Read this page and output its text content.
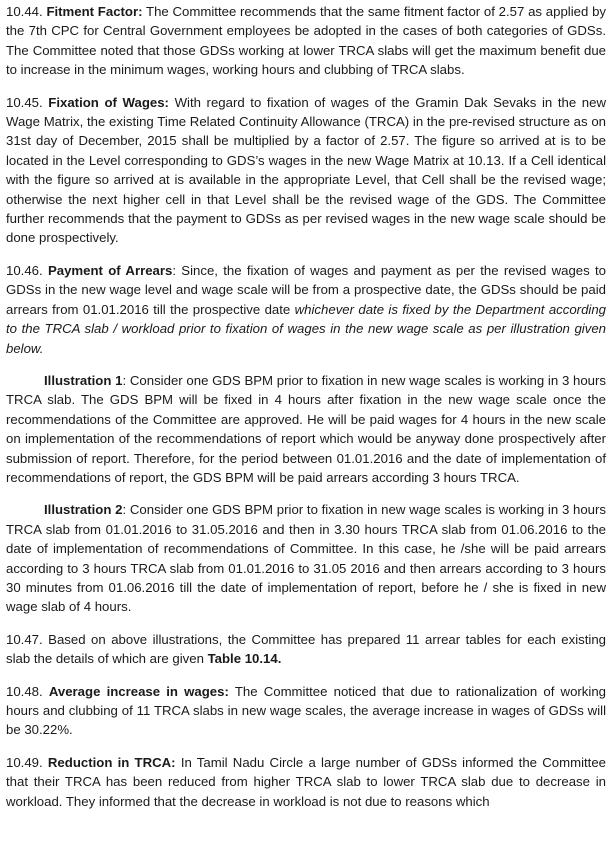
10.44. Fitment Factor: The Committee recommends that the same fitment factor of 2.57 as applied by the 7th CPC for Central Government employees be adopted in the cases of both categories of GDSs. The Committee noted that those GDSs working at lower TRCA slabs will get the maximum benefit due to increase in the minimum wages, working hours and clubbing of TRCA slabs.

10.45. Fixation of Wages: With regard to fixation of wages of the Gramin Dak Sevaks in the new Wage Matrix, the existing Time Related Continuity Allowance (TRCA) in the pre-revised structure as on 31st day of December, 2015 shall be multiplied by a factor of 2.57. The figure so arrived at is to be located in the Level corresponding to GDS’s wages in the new Wage Matrix at 10.13. If a Cell identical with the figure so arrived at is available in the appropriate Level, that Cell shall be the revised wage; otherwise the next higher cell in that Level shall be the revised wage of the GDS. The Committee further recommends that the payment to GDSs as per revised wages in the new wage scale should be done prospectively.

10.46. Payment of Arrears: Since, the fixation of wages and payment as per the revised wages to GDSs in the new wage level and wage scale will be from a prospective date, the GDSs should be paid arrears from 01.01.2016 till the prospective date whichever date is fixed by the Department according to the TRCA slab / workload prior to fixation of wages in the new wage scale as per illustration given below.

Illustration 1: Consider one GDS BPM prior to fixation in new wage scales is working in 3 hours TRCA slab. The GDS BPM will be fixed in 4 hours after fixation in the new wage scale once the recommendations of the Committee are approved. He will be paid wages for 4 hours in the new scale on implementation of the recommendations of report which would be anyway done prospectively after submission of report. Therefore, for the period between 01.01.2016 and the date of implementation of recommendations of report, the GDS BPM will be paid arrears according 3 hours TRCA.

Illustration 2: Consider one GDS BPM prior to fixation in new wage scales is working in 3 hours TRCA slab from 01.01.2016 to 31.05.2016 and then in 3.30 hours TRCA slab from 01.06.2016 to the date of implementation of recommendations of Committee. In this case, he /she will be paid arrears according to 3 hours TRCA slab from 01.01.2016 to 31.05 2016 and then arrears according to 3 hours 30 minutes from 01.06.2016 till the date of implementation of report, before he / she is fixed in new wage slab of 4 hours.

10.47. Based on above illustrations, the Committee has prepared 11 arrear tables for each existing slab the details of which are given Table 10.14.

10.48. Average increase in wages: The Committee noticed that due to rationalization of working hours and clubbing of 11 TRCA slabs in new wage scales, the average increase in wages of GDSs will be 30.22%.

10.49. Reduction in TRCA: In Tamil Nadu Circle a large number of GDSs informed the Committee that their TRCA has been reduced from higher TRCA slab to lower TRCA slab due to decrease in workload. They informed that the decrease in workload is not due to reasons which
